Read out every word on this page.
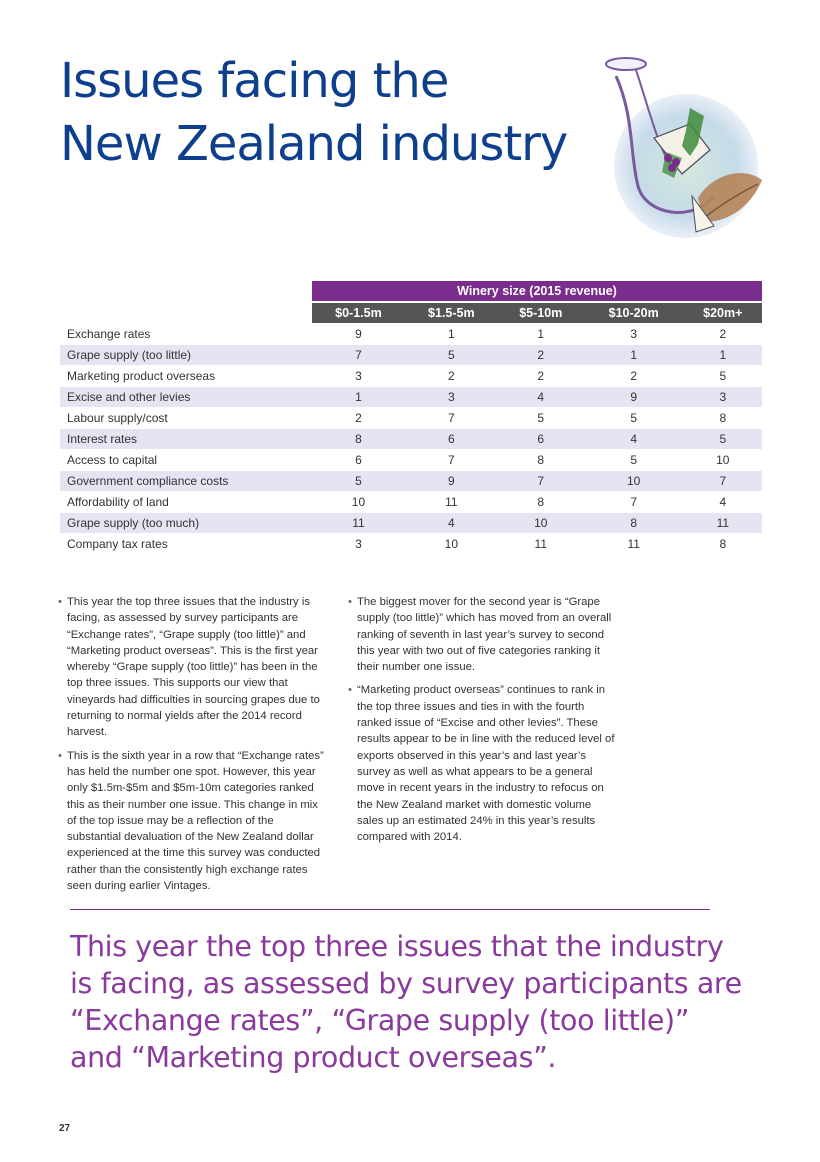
Issues facing the
New Zealand industry
	Winery size (2015 revenue)				
	$0-1.5m	$1.5-5m	$5-10m	$10-20m	$20m+
Exchange rates	9	1	1	3	2
Grape supply (too little)	7	5	2	1	1
Marketing product overseas	3	2	2	2	5
Excise and other levies	1	3	4	9	3
Labour supply/cost	2	7	5	5	8
Interest rates	8	6	6	4	5
Access to capital	6	7	8	5	10
Government compliance costs	5	9	7	10	7
Affordability of land	10	11	8	7	4
Grape supply (too much)	11	4	10	8	11
Company tax rates	3	10	11	11	8
• This year the top three issues that the industry is facing, as assessed by survey participants are “Exchange rates”, “Grape supply (too little)” and “Marketing product overseas”. This is the first year whereby “Grape supply (too little)” has been in the top three issues. This supports our view that vineyards had difficulties in sourcing grapes due to returning to normal yields after the 2014 record harvest.
• This is the sixth year in a row that “Exchange rates” has held the number one spot. However, this year only $1.5m-$5m and $5m-10m categories ranked this as their number one issue. This change in mix of the top issue may be a reflection of the substantial devaluation of the New Zealand dollar experienced at the time this survey was conducted rather than the consistently high exchange rates seen during earlier Vintages.
• The biggest mover for the second year is “Grape supply (too little)” which has moved from an overall ranking of seventh in last year’s survey to second this year with two out of five categories ranking it their number one issue.
• “Marketing product overseas” continues to rank in the top three issues and ties in with the fourth ranked issue of “Excise and other levies”. These results appear to be in line with the reduced level of exports observed in this year’s and last year’s survey as well as what appears to be a general move in recent years in the industry to refocus on the New Zealand market with domestic volume sales up an estimated 24% in this year’s results compared with 2014.

This year the top three issues that the industry is facing, as assessed by survey participants are “Exchange rates”, “Grape supply (too little)” and “Marketing product overseas”.

27
